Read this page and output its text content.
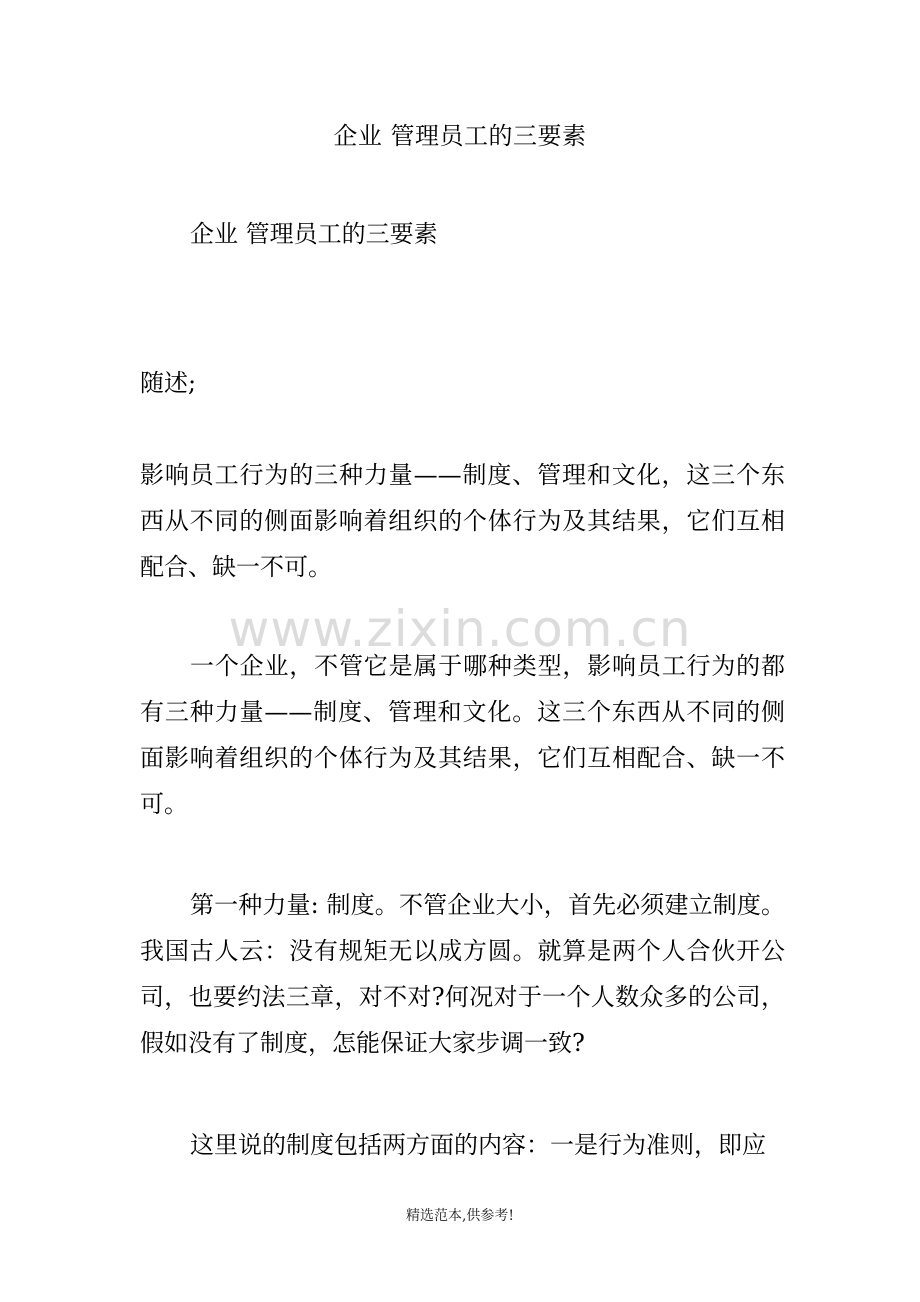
企业 管理员工的三要素
企业 管理员工的三要素
随述;
影响员工行为的三种力量——制度、管理和文化，这三个东西从不同的侧面影响着组织的个体行为及其结果，它们互相配合、缺一不可。
www.zixin.com.cn
一个企业，不管它是属于哪种类型，影响员工行为的都有三种力量——制度、管理和文化。这三个东西从不同的侧面影响着组织的个体行为及其结果，它们互相配合、缺一不可。
第一种力量: 制度。不管企业大小，首先必须建立制度。我国古人云：没有规矩无以成方圆。就算是两个人合伙开公司，也要约法三章，对不对?何况对于一个人数众多的公司，假如没有了制度，怎能保证大家步调一致?
这里说的制度包括两方面的内容：一是行为准则，即应
精选范本,供参考!
